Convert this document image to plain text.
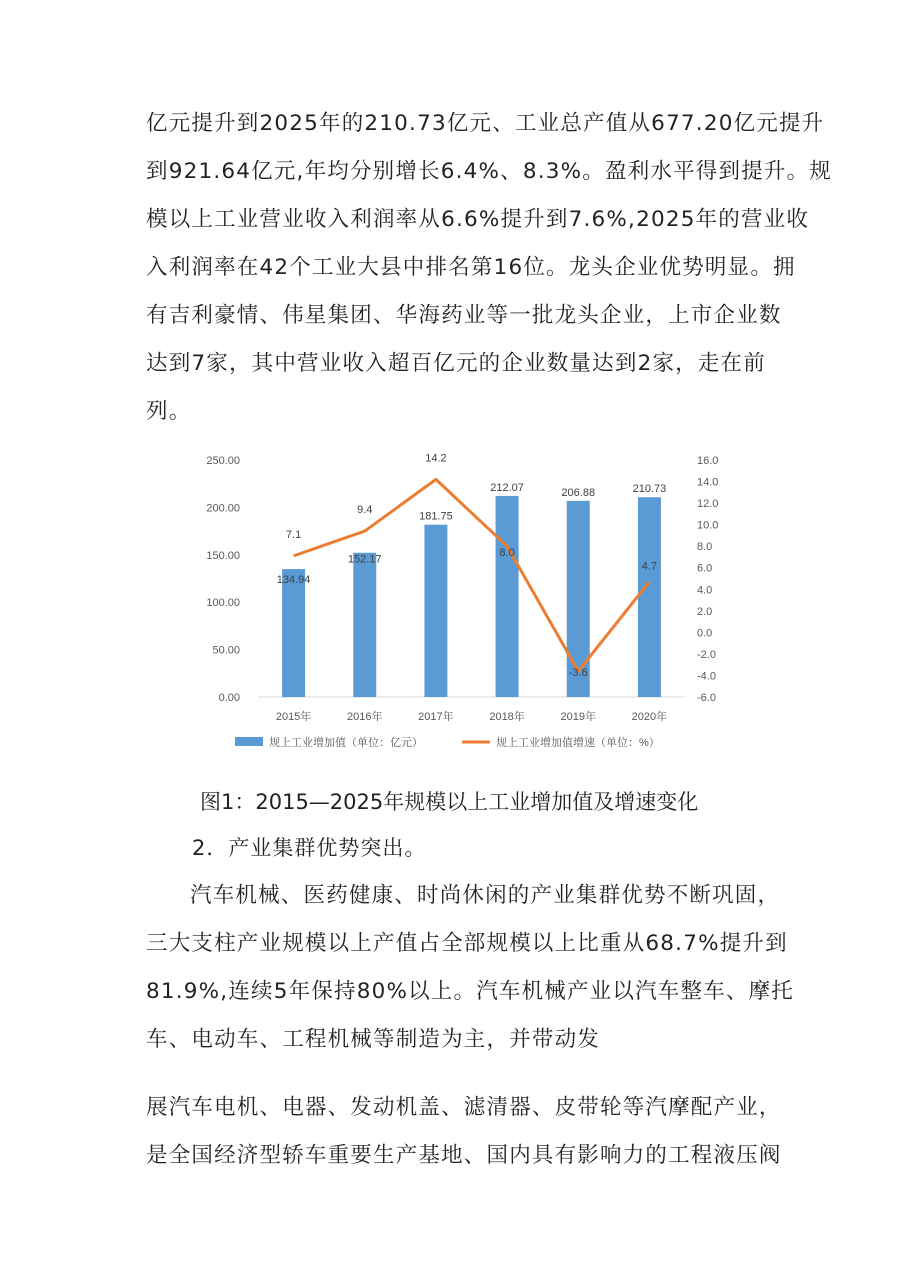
亿元提升到2025年的210.73亿元、工业总产值从677.20亿元提升
到921.64亿元,年均分别增长6.4%、8.3%。盈利水平得到提升。规
模以上工业营业收入利润率从6.6%提升到7.6%,2025年的营业收
入利润率在42个工业大县中排名第16位。龙头企业优势明显。拥
有吉利豪情、伟星集团、华海药业等一批龙头企业，上市企业数
达到7家，其中营业收入超百亿元的企业数量达到2家，走在前
列。
0.00
50.00
100.00
150.00
200.00
250.00
-6.0
-4.0
-2.0
0.0
2.0
4.0
6.0
8.0
10.0
12.0
14.0
16.0
134.94
152.17
181.75
212.07	206.88	210.73
7.1
9.4
14.2
8.0
-3.6
4.7
2015年	2016年	2017年	2018年	2019年	2020年
规上工业增加值（单位：亿元）	规上工业增加值增速（单位：%）
图1：2015—2025年规模以上工业增加值及增速变化
2．产业集群优势突出。
汽车机械、医药健康、时尚休闲的产业集群优势不断巩固，
三大支柱产业规模以上产值占全部规模以上比重从68.7%提升到
81.9%,连续5年保持80%以上。汽车机械产业以汽车整车、摩托
车、电动车、工程机械等制造为主，并带动发
展汽车电机、电器、发动机盖、滤清器、皮带轮等汽摩配产业，
是全国经济型轿车重要生产基地、国内具有影响力的工程液压阀
